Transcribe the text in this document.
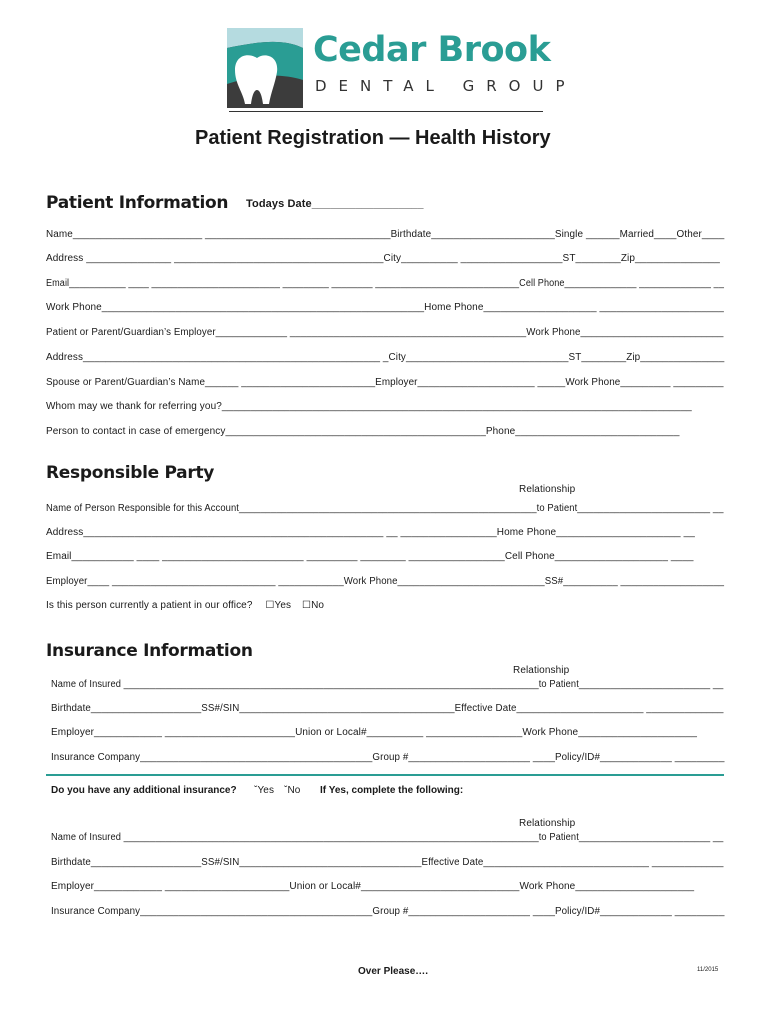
Cedar Brook
DENTAL GROUP
Patient Registration — Health History
Patient Information Todays Date__________________
Name_______________________ _________________________________Birthdate______________________Single ______Married____Other____
Address _______________ _____________________________________City__________ __________________ST________Zip_______________
Email___________ ____ _________________________ _________ ________ ____________________________Cell Phone______________ ______________ __
Work Phone_________________________________________________________Home Phone____________________ ______________________
Patient or Parent/Guardian’s Employer_____________ ___________________________________________Work Phone__________________________
Address_____________________________________________________ _City_____________________________ST________Zip_______________
Spouse or Parent/Guardian’s Name______ ________________________Employer_____________________ _____Work Phone_________ _________
Whom may we thank for referring you?___________________________________________________________________________________
Person to contact in case of emergency______________________________________________Phone_____________________________
Responsible Party
Relationship
Name of Person Responsible for this Account________________________________________________________to Patient_________________________ __
Address_____________________________________________________ __ _________________Home Phone______________________ __
Email___________ ____ _________________________ _________ ________ _________________Cell Phone____________________ ____
Employer____ ______________________________ ____________Work Phone___________________________SS#__________ ___________________
Is this person currently a patient in our office? ☐Yes ☐No
Insurance Information
Relationship
Name of Insured _______________________________________________________________________________to Patient_________________________ __
Birthdate____________________SS#/SIN_______________________________________Effective Date_______________________ ______________
Employer____________ _______________________Union or Local#__________ _________________Work Phone_____________________
Insurance Company__________________________________________Group #______________________ ____Policy/ID#_____________ _________
Do you have any additional insurance? ˇYes ˇNo If Yes, complete the following:
Relationship
Name of Insured _______________________________________________________________________________to Patient_________________________ __
Birthdate____________________SS#/SIN_________________________________Effective Date______________________________ _____________
Employer____________ ______________________Union or Local#____________________________Work Phone_____________________
Insurance Company__________________________________________Group #______________________ ____Policy/ID#_____________ _________
Over Please….	11/2015
